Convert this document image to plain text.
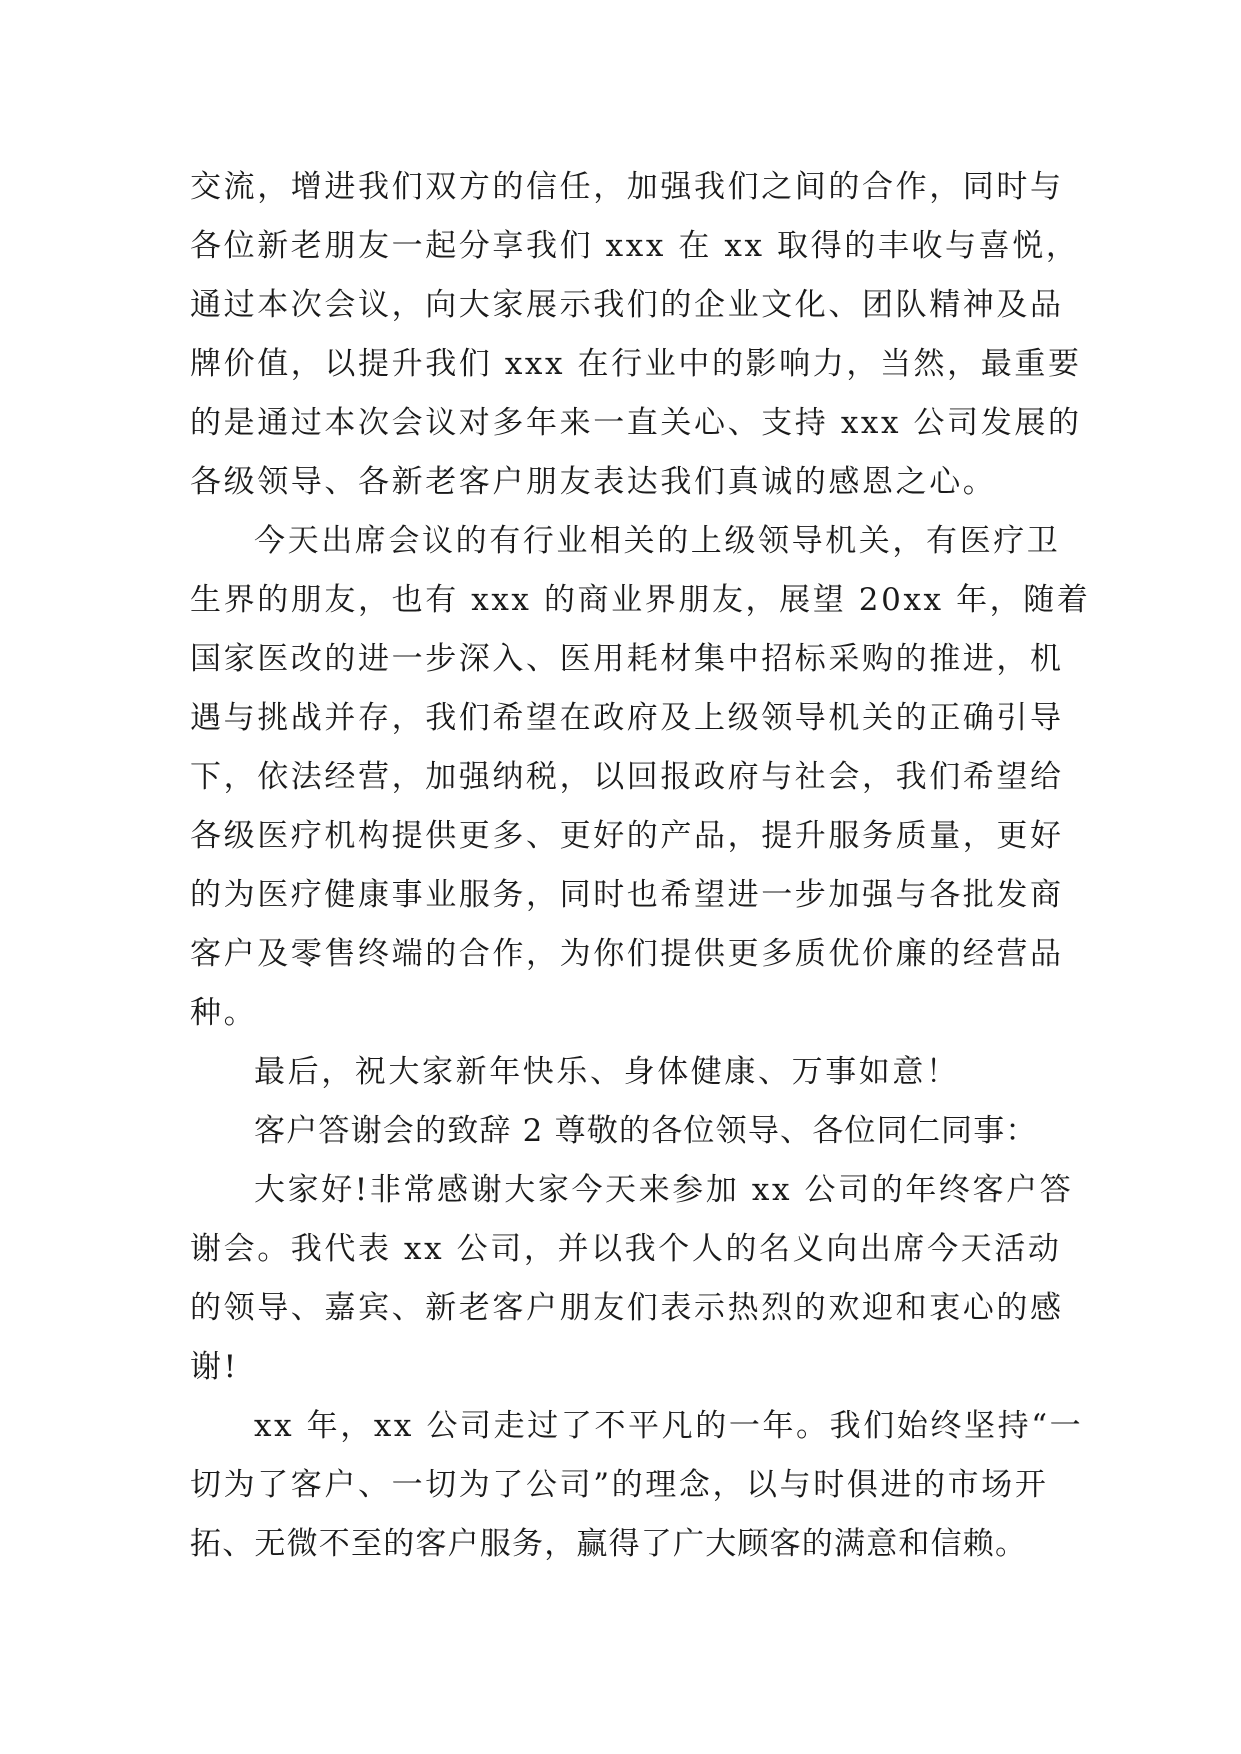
交流，增进我们双方的信任，加强我们之间的合作，同时与
各位新老朋友一起分享我们 xxx 在 xx 取得的丰收与喜悦，
通过本次会议，向大家展示我们的企业文化、团队精神及品
牌价值，以提升我们 xxx 在行业中的影响力，当然，最重要
的是通过本次会议对多年来一直关心、支持 xxx 公司发展的
各级领导、各新老客户朋友表达我们真诚的感恩之心。
今天出席会议的有行业相关的上级领导机关，有医疗卫
生界的朋友，也有 xxx 的商业界朋友，展望 20xx 年，随着
国家医改的进一步深入、医用耗材集中招标采购的推进，机
遇与挑战并存，我们希望在政府及上级领导机关的正确引导
下，依法经营，加强纳税，以回报政府与社会，我们希望给
各级医疗机构提供更多、更好的产品，提升服务质量，更好
的为医疗健康事业服务，同时也希望进一步加强与各批发商
客户及零售终端的合作，为你们提供更多质优价廉的经营品
种。
最后，祝大家新年快乐、身体健康、万事如意！
客户答谢会的致辞 2 尊敬的各位领导、各位同仁同事：
大家好!非常感谢大家今天来参加 xx 公司的年终客户答
谢会。我代表 xx 公司，并以我个人的名义向出席今天活动
的领导、嘉宾、新老客户朋友们表示热烈的欢迎和衷心的感
谢!
xx 年，xx 公司走过了不平凡的一年。我们始终坚持“一
切为了客户、一切为了公司”的理念，以与时俱进的市场开
拓、无微不至的客户服务，赢得了广大顾客的满意和信赖。
